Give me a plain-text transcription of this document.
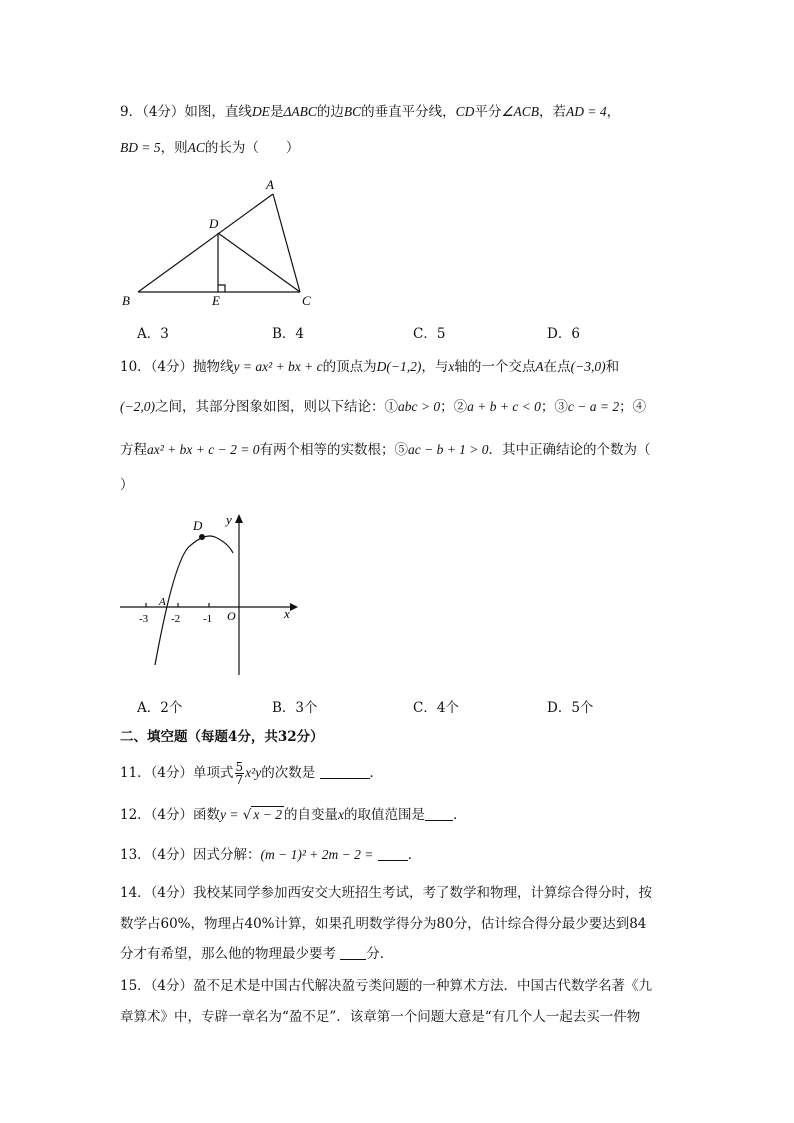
9．（4分）如图，直线DE是ΔABC的边BC的垂直平分线，CD平分∠ACB，若AD = 4，
BD = 5，则AC的长为（　　）
A
D
B	E	C
A．3	B．4	C．5	D．6
10．（4分）抛物线y = ax² + bx + c的顶点为D(−1,2)，与x轴的一个交点A在点(−3,0)和
(−2,0)之间，其部分图象如图，则以下结论：①abc > 0；②a + b + c < 0；③c − a = 2；④
方程ax² + bx + c − 2 = 0有两个相等的实数根；⑤ac − b + 1 > 0．其中正确结论的个数为（
）
D y
A
x
O
-3 -2 -1
A．2个	B．3个	C．4个	D．5个
二、填空题（每题4分，共32分）
11．（4分）单项式 $\frac{5}{7} x^2y$的次数是	．
12．（4分）函数y = √ x − 2 的自变量x的取值范围是 ．
13．（4分）因式分解：(m − 1)² + 2m − 2 =	．
14．（4分）我校某同学参加西安交大班招生考试，考了数学和物理，计算综合得分时，按
数学占60%，物理占40%计算，如果孔明数学得分为80分，估计综合得分最少要达到84
分才有希望，那么他的物理最少要考 分．
15．（4分）盈不足术是中国古代解决盈亏类问题的一种算术方法．中国古代数学名著《九
章算术》中，专辟一章名为“盈不足”．该章第一个问题大意是“有几个人一起去买一件物
